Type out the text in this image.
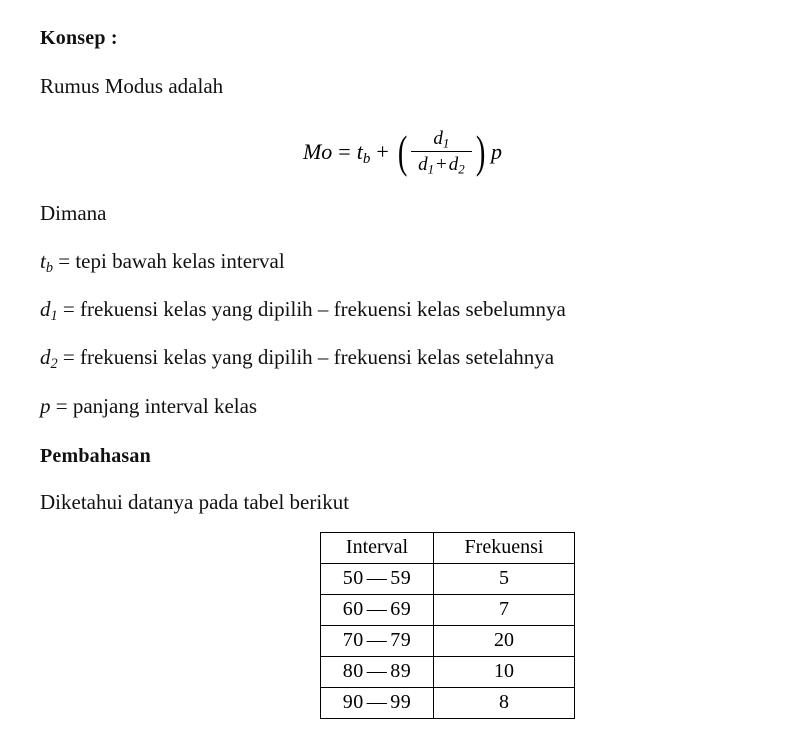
Konsep :
Rumus Modus adalah
$Mo = t_b$ + ( $\frac{d_1}{d_1 + d_2}$ ) p
Dimana
$t_b$ = tepi bawah kelas interval
$d_1$ = frekuensi kelas yang dipilih – frekuensi kelas sebelumnya
$d_2$ = frekuensi kelas yang dipilih – frekuensi kelas setelahnya
p = panjang interval kelas
Pembahasan
Diketahui datanya pada tabel berikut
Interval	Frekuensi
50 — 59	5
60 — 69	7
70 — 79	20
80 — 89	10
90 — 99	8
